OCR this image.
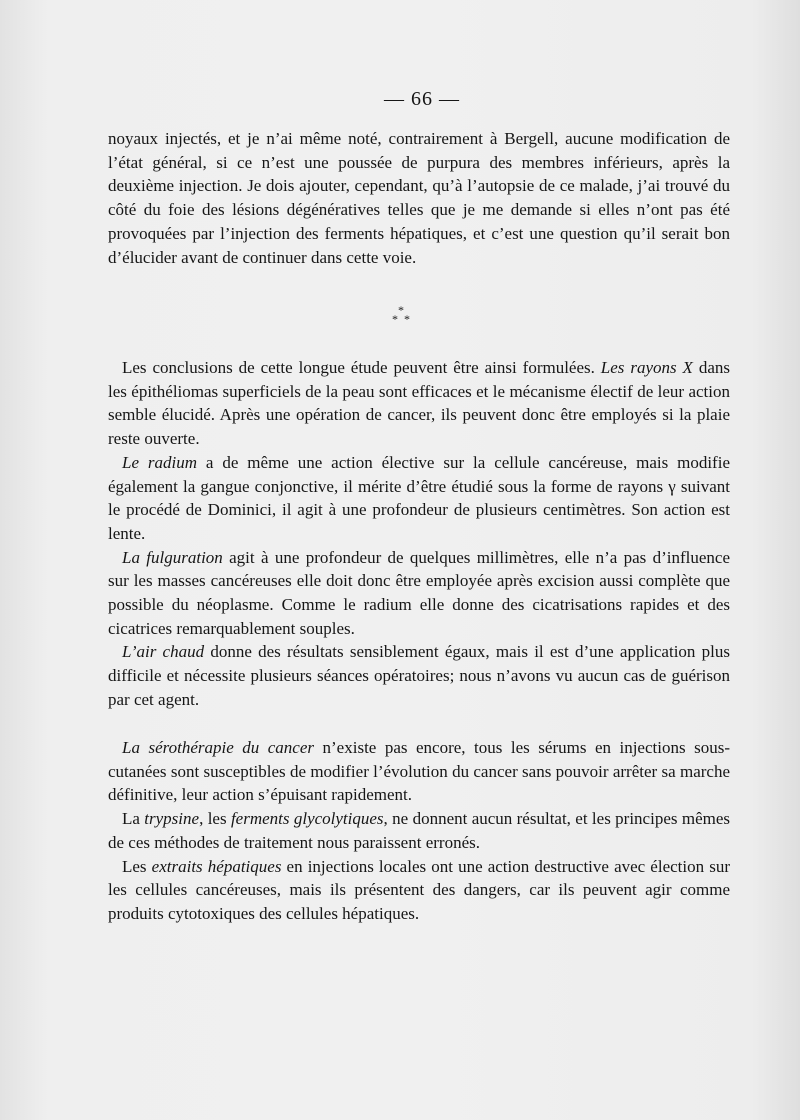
— 66 —

noyaux injectés, et je n’ai même noté, contrairement à Bergell, aucune modification de l’état général, si ce n’est une poussée de purpura des membres inférieurs, après la deuxième injection. Je dois ajouter, cependant, qu’à l’autopsie de ce malade, j’ai trouvé du côté du foie des lésions dégénératives telles que je me demande si elles n’ont pas été provoquées par l’injection des ferments hépatiques, et c’est une question qu’il serait bon d’élucider avant de continuer dans cette voie.

*
* *

Les conclusions de cette longue étude peuvent être ainsi formulées. Les rayons X dans les épithéliomas superficiels de la peau sont efficaces et le mécanisme électif de leur action semble élucidé. Après une opération de cancer, ils peuvent donc être employés si la plaie reste ouverte.

Le radium a de même une action élective sur la cellule cancéreuse, mais modifie également la gangue conjonctive, il mérite d’être étudié sous la forme de rayons γ suivant le procédé de Dominici, il agit à une profondeur de plusieurs centimètres. Son action est lente.

La fulguration agit à une profondeur de quelques millimètres, elle n’a pas d’influence sur les masses cancéreuses elle doit donc être employée après excision aussi complète que possible du néoplasme. Comme le radium elle donne des cicatrisations rapides et des cicatrices remarquablement souples.

L’air chaud donne des résultats sensiblement égaux, mais il est d’une application plus difficile et nécessite plusieurs séances opératoires; nous n’avons vu aucun cas de guérison par cet agent.

La sérothérapie du cancer n’existe pas encore, tous les sérums en injections sous-cutanées sont susceptibles de modifier l’évolution du cancer sans pouvoir arrêter sa marche définitive, leur action s’épuisant rapidement.

La trypsine, les ferments glycolytiques, ne donnent aucun résultat, et les principes mêmes de ces méthodes de traitement nous paraissent erronés.

Les extraits hépatiques en injections locales ont une action destructive avec élection sur les cellules cancéreuses, mais ils présentent des dangers, car ils peuvent agir comme produits cytotoxiques des cellules hépatiques.
